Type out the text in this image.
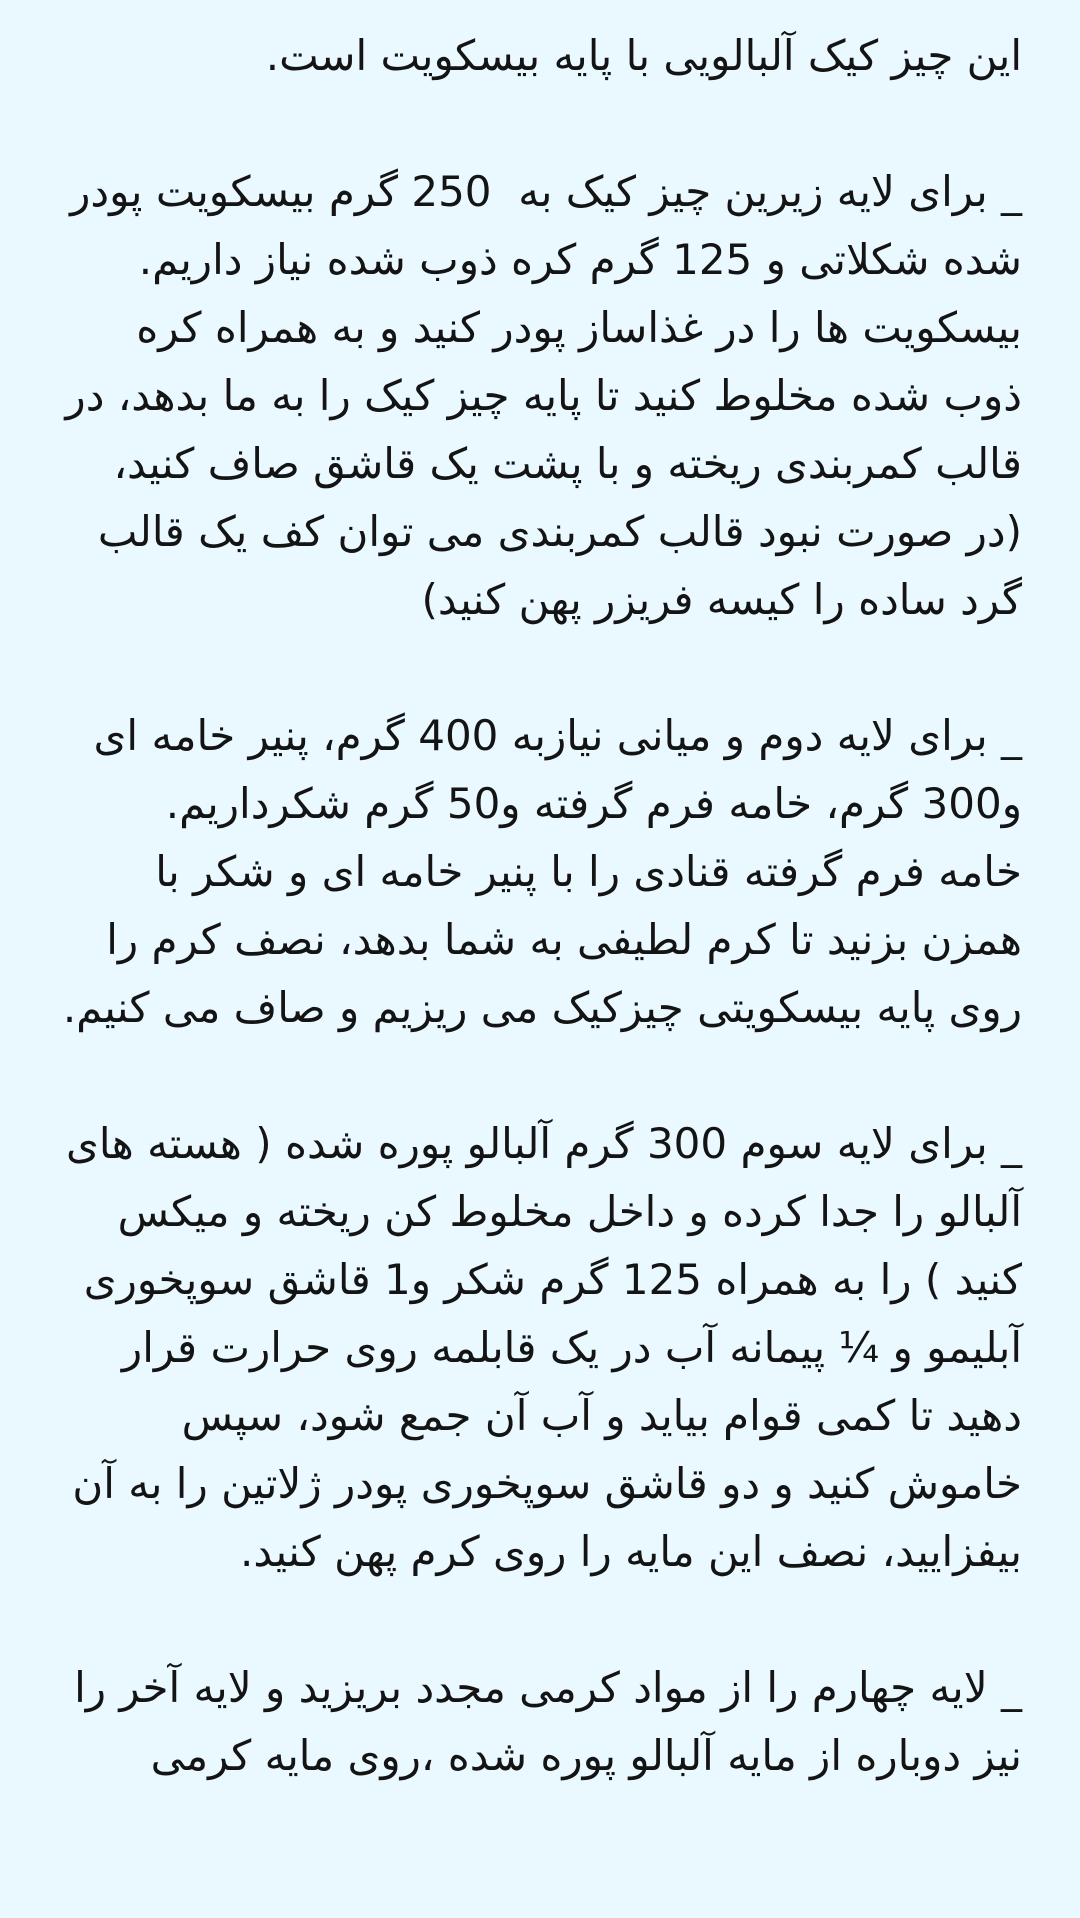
این چیز کیک آلبالویی با پایه بیسکویت است.

_ برای لایه زیرین چیز کیک به  250 گرم بیسکویت پودر شده شکلاتی و 125 گرم کره ذوب شده نیاز داریم.

بیسکویت ها را در غذاساز پودر کنید و به همراه کره ذوب شده مخلوط کنید تا پایه چیز کیک را به ما بدهد، در قالب کمربندی ریخته و با پشت یک قاشق صاف کنید، (در صورت نبود قالب کمربندی می توان کف یک قالب گرد ساده را کیسه فریزر پهن کنید)

_ برای لایه دوم و میانی نیازبه 400 گرم، پنیر خامه ای و300 گرم، خامه فرم گرفته و50 گرم شکرداریم.

خامه فرم گرفته قنادی را با پنیر خامه ای و شکر با همزن بزنید تا کرم لطیفی به شما بدهد، نصف کرم را روی پایه بیسکویتی چیزکیک می ریزیم و صاف می کنیم.

_ برای لایه سوم 300 گرم آلبالو پوره شده ( هسته های آلبالو را جدا کرده و داخل مخلوط کن ریخته و میکس کنید ) را به همراه 125 گرم شکر و1 قاشق سوپخوری آبلیمو و ¼ پیمانه آب در یک قابلمه روی حرارت قرار دهید تا کمی قوام بیاید و آب آن جمع شود، سپس خاموش کنید و دو قاشق سوپخوری پودر ژلاتین را به آن بیفزایید، نصف این مایه را روی کرم پهن کنید.

_ لایه چهارم را از مواد کرمی مجدد بریزید و لایه آخر را نیز دوباره از مایه آلبالو پوره شده ،روی مایه کرمی
